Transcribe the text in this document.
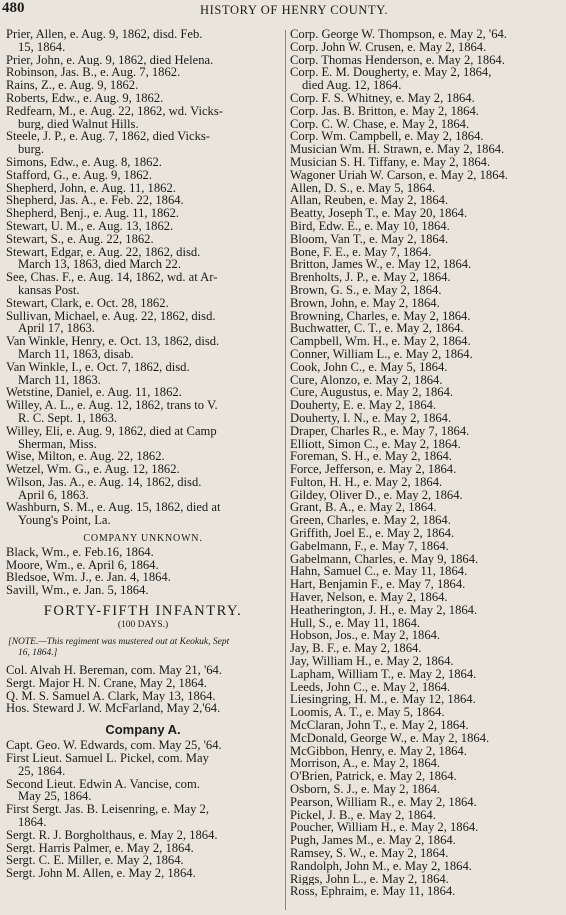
480	HISTORY OF HENRY COUNTY.
Prier, Allen, e. Aug. 9, 1862, disd. Feb.
15, 1864.
Prier, John, e. Aug. 9, 1862, died Helena.
Robinson, Jas. B., e. Aug. 7, 1862.
Rains, Z., e. Aug. 9, 1862.
Roberts, Edw., e. Aug. 9, 1862.
Redfearn, M., e. Aug. 22, 1862, wd. Vicks-
burg, died Walnut Hills.
Steele, J. P., e. Aug. 7, 1862, died Vicks-
burg.
Simons, Edw., e. Aug. 8, 1862.
Stafford, G., e. Aug. 9, 1862.
Shepherd, John, e. Aug. 11, 1862.
Shepherd, Jas. A., e. Feb. 22, 1864.
Shepherd, Benj., e. Aug. 11, 1862.
Stewart, U. M., e. Aug. 13, 1862.
Stewart, S., e. Aug. 22, 1862.
Stewart, Edgar, e. Aug. 22, 1862, disd.
March 13, 1863, died March 22.
See, Chas. F., e. Aug. 14, 1862, wd. at Ar-
kansas Post.
Stewart, Clark, e. Oct. 28, 1862.
Sullivan, Michael, e. Aug. 22, 1862, disd.
April 17, 1863.
Van Winkle, Henry, e. Oct. 13, 1862, disd.
March 11, 1863, disab.
Van Winkle, I., e. Oct. 7, 1862, disd.
March 11, 1863.
Wetstine, Daniel, e. Aug. 11, 1862.
Willey, A. L., e. Aug. 12, 1862, trans to V.
R. C. Sept. 1, 1863.
Willey, Eli, e. Aug. 9, 1862, died at Camp
Sherman, Miss.
Wise, Milton, e. Aug. 22, 1862.
Wetzel, Wm. G., e. Aug. 12, 1862.
Wilson, Jas. A., e. Aug. 14, 1862, disd.
April 6, 1863.
Washburn, S. M., e. Aug. 15, 1862, died at
Young's Point, La.
COMPANY UNKNOWN.
Black, Wm., e. Feb.16, 1864.
Moore, Wm., e. April 6, 1864.
Bledsoe, Wm. J., e. Jan. 4, 1864.
Savill, Wm., e. Jan. 5, 1864.
FORTY-FIFTH INFANTRY.
(100 DAYS.)
[NOTE.—This regiment was mustered out at Keokuk, Sept
16, 1864.]
Col. Alvah H. Bereman, com. May 21, '64.
Sergt. Major H. N. Crane, May 2, 1864.
Q. M. S. Samuel A. Clark, May 13, 1864.
Hos. Steward J. W. McFarland, May 2,'64.
Company A.
Capt. Geo. W. Edwards, com. May 25, '64.
First Lieut. Samuel L. Pickel, com. May
25, 1864.
Second Lieut. Edwin A. Vancise, com.
May 25, 1864.
First Sergt. Jas. B. Leisenring, e. May 2,
1864.
Sergt. R. J. Borgholthaus, e. May 2, 1864.
Sergt. Harris Palmer, e. May 2, 1864.
Sergt. C. E. Miller, e. May 2, 1864.
Sergt. John M. Allen, e. May 2, 1864.
Corp. George W. Thompson, e. May 2, '64.
Corp. John W. Crusen, e. May 2, 1864.
Corp. Thomas Henderson, e. May 2, 1864.
Corp. E. M. Dougherty, e. May 2, 1864,
died Aug. 12, 1864.
Corp. F. S. Whitney, e. May 2, 1864.
Corp. Jas. B. Britton, e. May 2, 1864.
Corp. C. W. Chase, e. May 2, 1864.
Corp. Wm. Campbell, e. May 2, 1864.
Musician Wm. H. Strawn, e. May 2, 1864.
Musician S. H. Tiffany, e. May 2, 1864.
Wagoner Uriah W. Carson, e. May 2, 1864.
Allen, D. S., e. May 5, 1864.
Allan, Reuben, e. May 2, 1864.
Beatty, Joseph T., e. May 20, 1864.
Bird, Edw. E., e. May 10, 1864.
Bloom, Van T., e. May 2, 1864.
Bone, F. E., e. May 7, 1864.
Britton, James W., e. May 12, 1864.
Brenholts, J. P., e. May 2, 1864.
Brown, G. S., e. May 2, 1864.
Brown, John, e. May 2, 1864.
Browning, Charles, e. May 2, 1864.
Buchwatter, C. T., e. May 2, 1864.
Campbell, Wm. H., e. May 2, 1864.
Conner, William L., e. May 2, 1864.
Cook, John C., e. May 5, 1864.
Cure, Alonzo, e. May 2, 1864.
Cure, Augustus, e. May 2, 1864.
Douherty, E. e. May 2, 1864.
Douherty, I. N., e. May 2, 1864.
Draper, Charles R., e. May 7, 1864.
Elliott, Simon C., e. May 2, 1864.
Foreman, S. H., e. May 2, 1864.
Force, Jefferson, e. May 2, 1864.
Fulton, H. H., e. May 2, 1864.
Gildey, Oliver D., e. May 2, 1864.
Grant, B. A., e. May 2, 1864.
Green, Charles, e. May 2, 1864.
Griffith, Joel E., e. May 2, 1864.
Gabelmann, F., e. May 7, 1864.
Gabelmann, Charles, e. May 9, 1864.
Hahn, Samuel C., e. May 11, 1864.
Hart, Benjamin F., e. May 7, 1864.
Haver, Nelson, e. May 2, 1864.
Heatherington, J. H., e. May 2, 1864.
Hull, S., e. May 11, 1864.
Hobson, Jos., e. May 2, 1864.
Jay, B. F., e. May 2, 1864.
Jay, William H., e. May 2, 1864.
Lapham, William T., e. May 2, 1864.
Leeds, John C., e. May 2, 1864.
Liesingring, H. M., e. May 12, 1864.
Loomis, A. T., e. May 5, 1864.
McClaran, John T., e. May 2, 1864.
McDonald, George W., e. May 2, 1864.
McGibbon, Henry, e. May 2, 1864.
Morrison, A., e. May 2, 1864.
O'Brien, Patrick, e. May 2, 1864.
Osborn, S. J., e. May 2, 1864.
Pearson, William R., e. May 2, 1864.
Pickel, J. B., e. May 2, 1864.
Poucher, William H., e. May 2, 1864.
Pugh, James M., e. May 2, 1864.
Ramsey, S. W., e. May 2, 1864.
Randolph, John M., e. May 2, 1864.
Riggs, John L., e. May 2, 1864.
Ross, Ephraim, e. May 11, 1864.
